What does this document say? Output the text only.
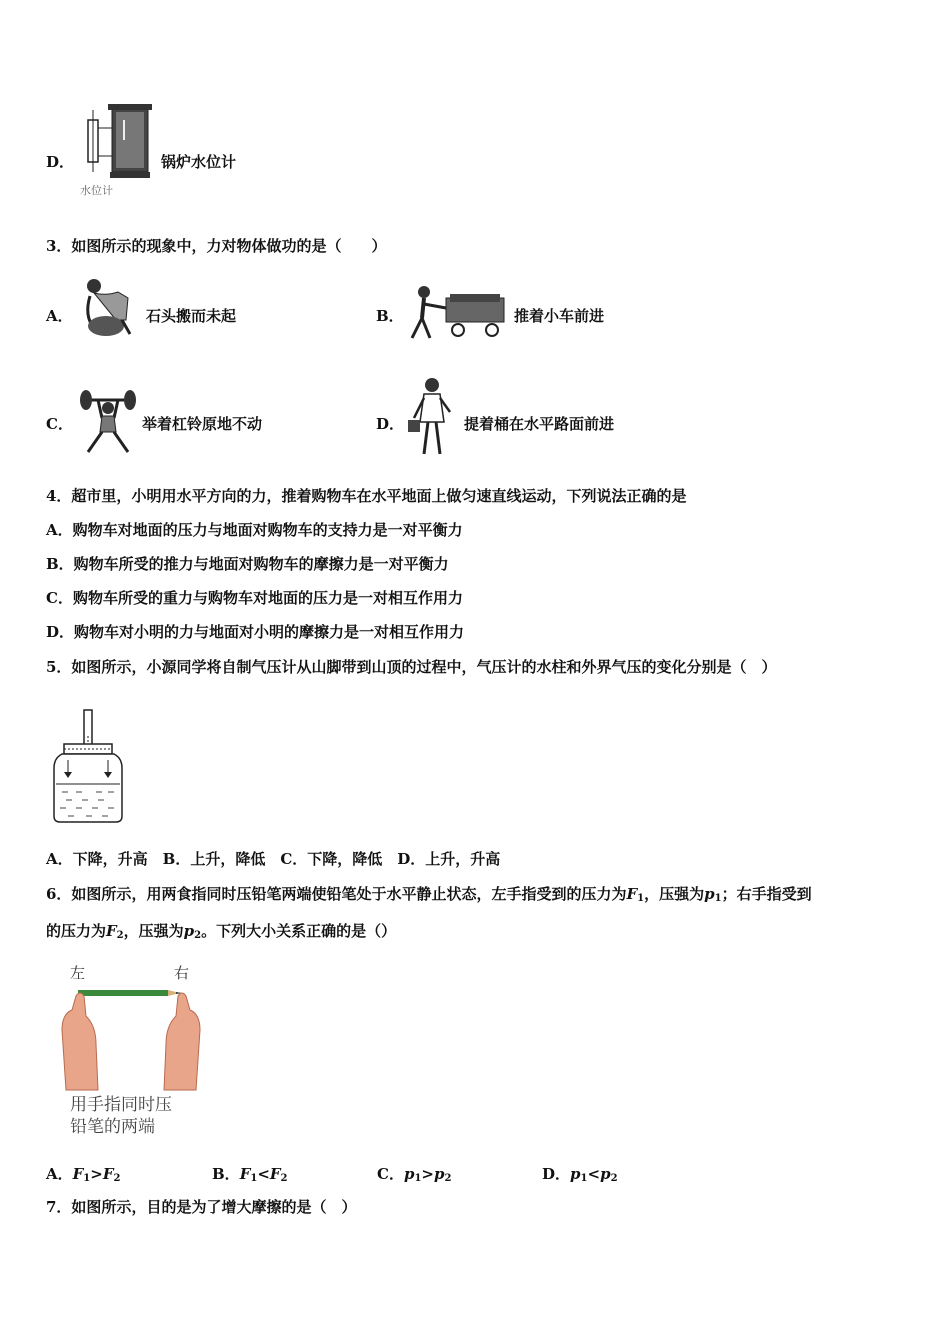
D．
水位计
锅炉水位计
3．如图所示的现象中，力对物体做功的是（　　）
A．	石头搬而未起	B．	推着小车前进
C．	举着杠铃原地不动	D．	提着桶在水平路面前进
4．超市里，小明用水平方向的力，推着购物车在水平地面上做匀速直线运动，下列说法正确的是
A．购物车对地面的压力与地面对购物车的支持力是一对平衡力
B．购物车所受的推力与地面对购物车的摩擦力是一对平衡力
C．购物车所受的重力与购物车对地面的压力是一对相互作用力
D．购物车对小明的力与地面对小明的摩擦力是一对相互作用力
5．如图所示，小源同学将自制气压计从山脚带到山顶的过程中，气压计的水柱和外界气压的变化分别是（　）
A．下降，升高　B．上升，降低　C．下降，降低　D．上升，升高
6．如图所示，用两食指同时压铅笔两端使铅笔处于水平静止状态，左手指受到的压力为$F_1$，压强为$p_1$；右手指受到
的压力为$F_2$，压强为$p_2$。下列大小关系正确的是（）
左	右
用手指同时压
铅笔的两端
A．$F_1>F_2$	B．$F_1<F_2$	C．$p_1>p_2$	D．$p_1<p_2$
7．如图所示，目的是为了增大摩擦的是（　）
